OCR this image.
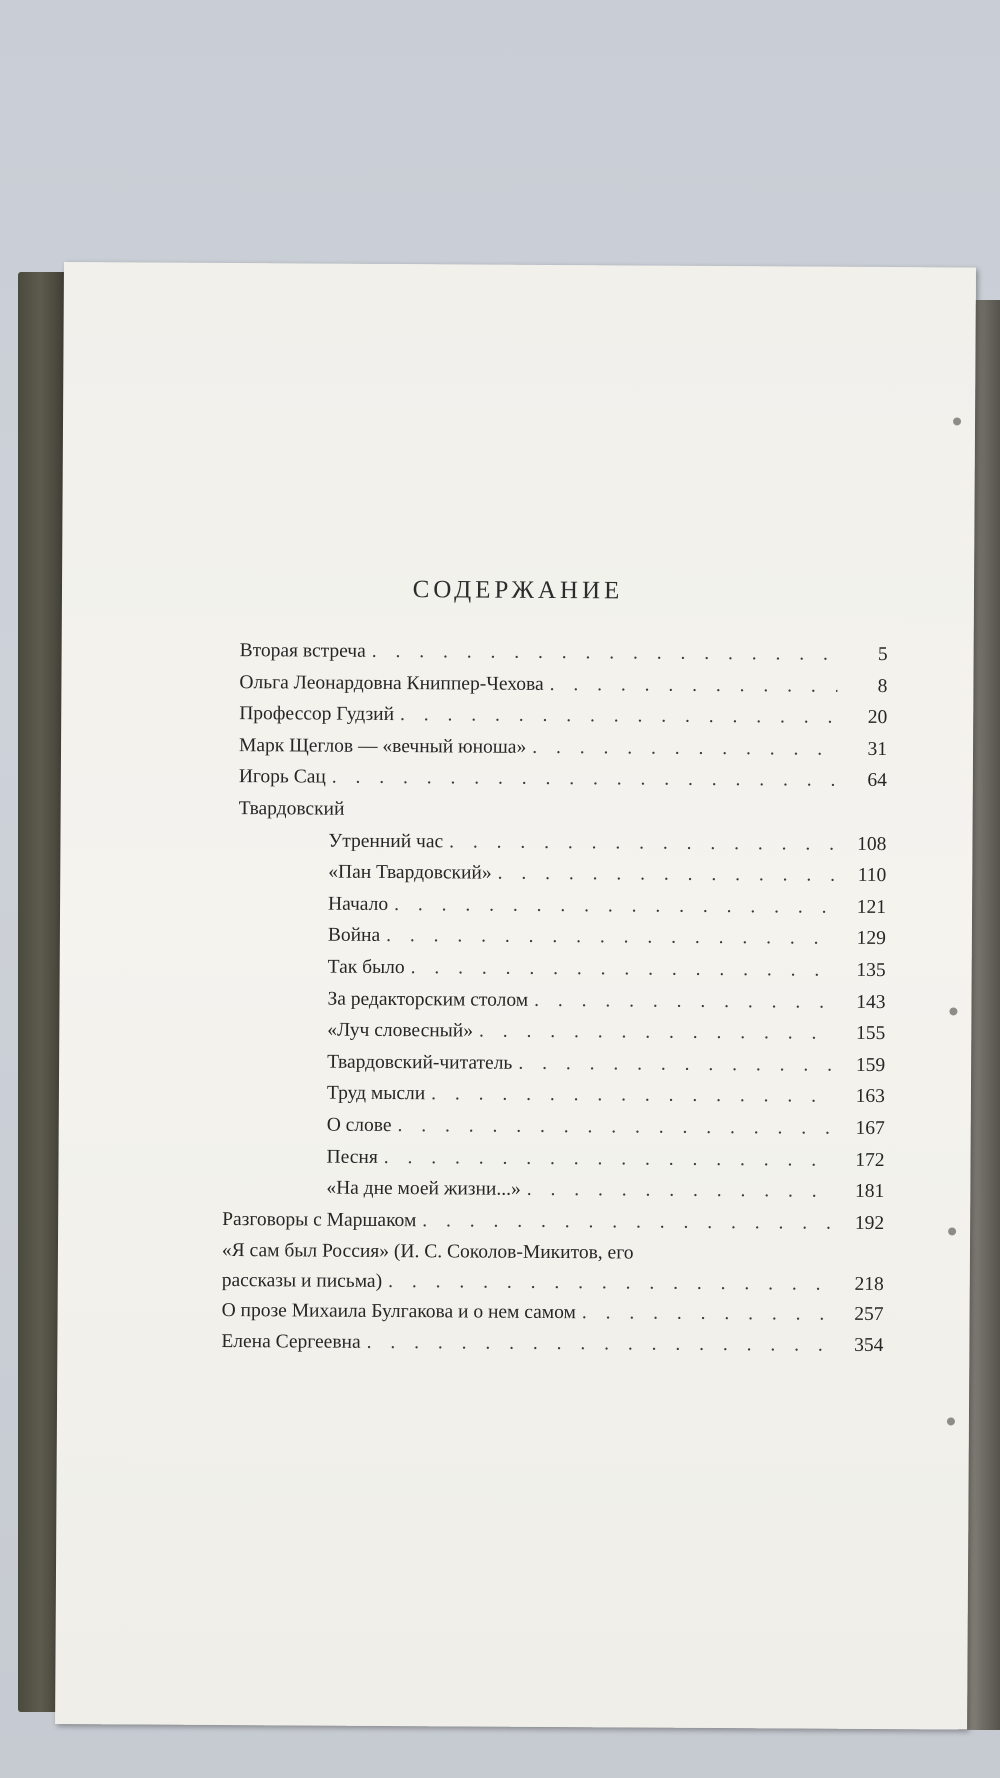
СОДЕРЖАНИЕ
Вторая встреча . . .	5
Ольга Леонардовна Книппер-Чехова . . .	8
Профессор Гудзий . . .	20
Марк Щеглов — «вечный юноша» . . .	31
Игорь Сац . . .	64
Твардовский
Утренний час . . .	108
«Пан Твардовский» . . .	110
Начало . . .	121
Война . . .	129
Так было . . .	135
За редакторским столом . . .	143
«Луч словесный» . . .	155
Твардовский-читатель . . .	159
Труд мысли . . .	163
О слове . . .	167
Песня . . .	172
«На дне моей жизни...» . . .	181
Разговоры с Маршаком . . .	192
«Я сам был Россия» (И. С. Соколов-Микитов, его
рассказы и письма) . . .	218
О прозе Михаила Булгакова и о нем самом . . .	257
Елена Сергеевна . . .	354
